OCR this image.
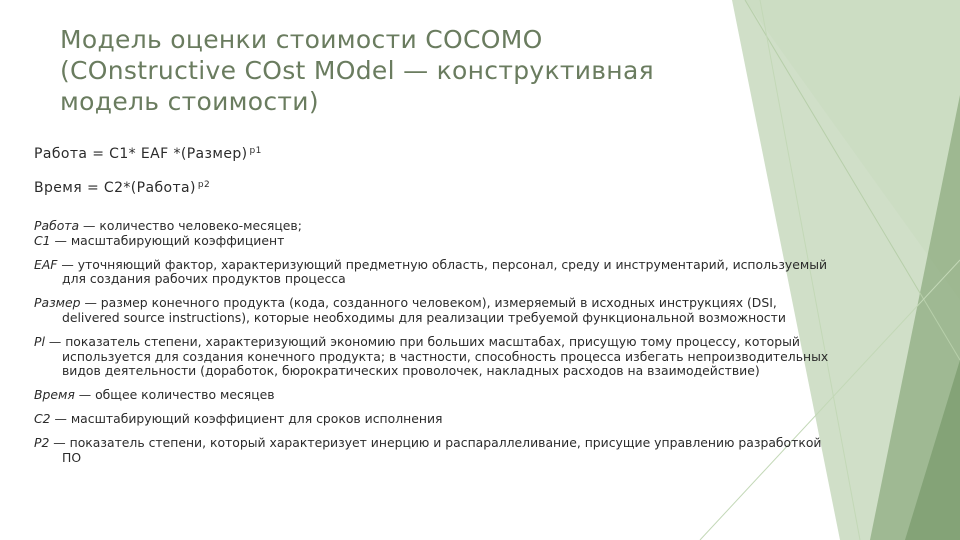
Модель оценки стоимости COCOMO
(COnstructive COst MOdel — конструктивная
модель стоимости)

Работа = С1* EAF *(Размер) $^{p1}$

Время = С2*(Работа) $^{p2}$

Работа — количество человеко-месяцев;

С1 — масштабирующий коэффициент

EAF — уточняющий фактор, характеризующий предметную область, персонал, среду и инструментарий, используемый для создания рабочих продуктов процесса

Размер — размер конечного продукта (кода, созданного человеком), измеряемый в исходных инструкциях (DSI, delivered source instructions), которые необходимы для реализации требуемой функциональной возможности

Pl — показатель степени, характеризующий экономию при больших масштабах, присущую тому процессу, который используется для создания конечного продукта; в частности, способность процесса избегать непроизводительных видов деятельности (доработок, бюрократических проволочек, накладных расходов на взаимодействие)

Время — общее количество месяцев

С2 — масштабирующий коэффициент для сроков исполнения

Р2 — показатель степени, который характеризует инерцию и распараллеливание, присущие управлению разработкой ПО
